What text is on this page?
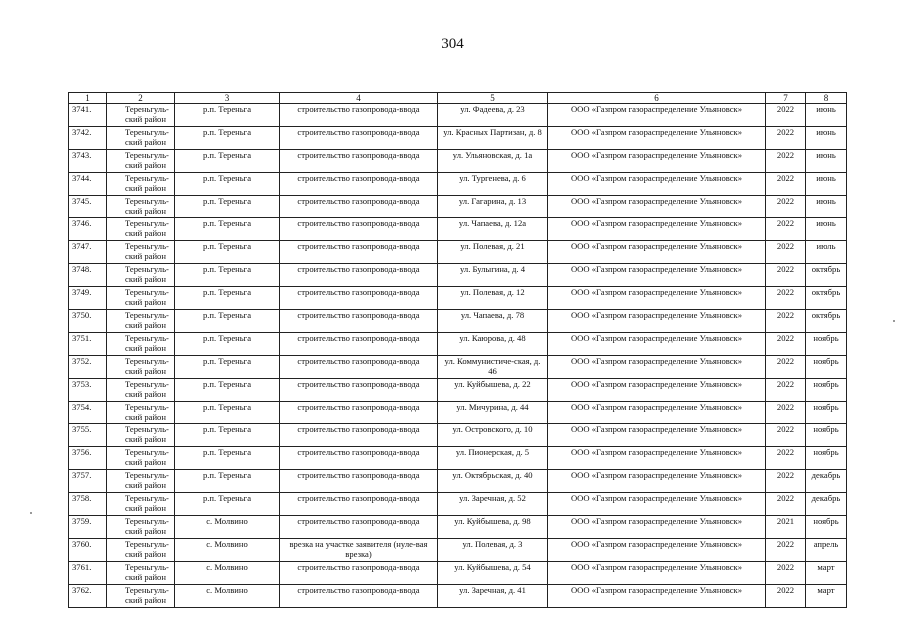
304
1	2	3	4	5	6	7	8
3741.	Тереньгуль-ский район	р.п. Тереньга	строительство газопровода-ввода	ул. Фадеева, д. 23	ООО «Газпром газораспределение Ульяновск»	2022	июнь
3742.	Тереньгуль-ский район	р.п. Тереньга	строительство газопровода-ввода	ул. Красных Партизан, д. 8	ООО «Газпром газораспределение Ульяновск»	2022	июнь
3743.	Тереньгуль-ский район	р.п. Тереньга	строительство газопровода-ввода	ул. Ульяновская, д. 1а	ООО «Газпром газораспределение Ульяновск»	2022	июнь
3744.	Тереньгуль-ский район	р.п. Тереньга	строительство газопровода-ввода	ул. Тургенева, д. 6	ООО «Газпром газораспределение Ульяновск»	2022	июнь
3745.	Тереньгуль-ский район	р.п. Тереньга	строительство газопровода-ввода	ул. Гагарина, д. 13	ООО «Газпром газораспределение Ульяновск»	2022	июнь
3746.	Тереньгуль-ский район	р.п. Тереньга	строительство газопровода-ввода	ул. Чапаева, д. 12а	ООО «Газпром газораспределение Ульяновск»	2022	июнь
3747.	Тереньгуль-ский район	р.п. Тереньга	строительство газопровода-ввода	ул. Полевая, д. 21	ООО «Газпром газораспределение Ульяновск»	2022	июль
3748.	Тереньгуль-ский район	р.п. Тереньга	строительство газопровода-ввода	ул. Булыгина, д. 4	ООО «Газпром газораспределение Ульяновск»	2022	октябрь
3749.	Тереньгуль-ский район	р.п. Тереньга	строительство газопровода-ввода	ул. Полевая, д. 12	ООО «Газпром газораспределение Ульяновск»	2022	октябрь
3750.	Тереньгуль-ский район	р.п. Тереньга	строительство газопровода-ввода	ул. Чапаева, д. 78	ООО «Газпром газораспределение Ульяновск»	2022	октябрь
3751.	Тереньгуль-ский район	р.п. Тереньга	строительство газопровода-ввода	ул. Каюрова, д. 48	ООО «Газпром газораспределение Ульяновск»	2022	ноябрь
3752.	Тереньгуль-ский район	р.п. Тереньга	строительство газопровода-ввода	ул. Коммунистиче-ская, д. 46	ООО «Газпром газораспределение Ульяновск»	2022	ноябрь
3753.	Тереньгуль-ский район	р.п. Тереньга	строительство газопровода-ввода	ул. Куйбышева, д. 22	ООО «Газпром газораспределение Ульяновск»	2022	ноябрь
3754.	Тереньгуль-ский район	р.п. Тереньга	строительство газопровода-ввода	ул. Мичурина, д. 44	ООО «Газпром газораспределение Ульяновск»	2022	ноябрь
3755.	Тереньгуль-ский район	р.п. Тереньга	строительство газопровода-ввода	ул. Островского, д. 10	ООО «Газпром газораспределение Ульяновск»	2022	ноябрь
3756.	Тереньгуль-ский район	р.п. Тереньга	строительство газопровода-ввода	ул. Пионерская, д. 5	ООО «Газпром газораспределение Ульяновск»	2022	ноябрь
3757.	Тереньгуль-ский район	р.п. Тереньга	строительство газопровода-ввода	ул. Октябрьская, д. 40	ООО «Газпром газораспределение Ульяновск»	2022	декабрь
3758.	Тереньгуль-ский район	р.п. Тереньга	строительство газопровода-ввода	ул. Заречная, д. 52	ООО «Газпром газораспределение Ульяновск»	2022	декабрь
3759.	Тереньгуль-ский район	с. Молвино	строительство газопровода-ввода	ул. Куйбышева, д. 98	ООО «Газпром газораспределение Ульяновск»	2021	ноябрь
3760.	Тереньгуль-ский район	с. Молвино	врезка на участке заявителя (нуле-вая врезка)	ул. Полевая, д. 3	ООО «Газпром газораспределение Ульяновск»	2022	апрель
3761.	Тереньгуль-ский район	с. Молвино	строительство газопровода-ввода	ул. Куйбышева, д. 54	ООО «Газпром газораспределение Ульяновск»	2022	март
3762.	Тереньгуль-ский район	с. Молвино	строительство газопровода-ввода	ул. Заречная, д. 41	ООО «Газпром газораспределение Ульяновск»	2022	март
